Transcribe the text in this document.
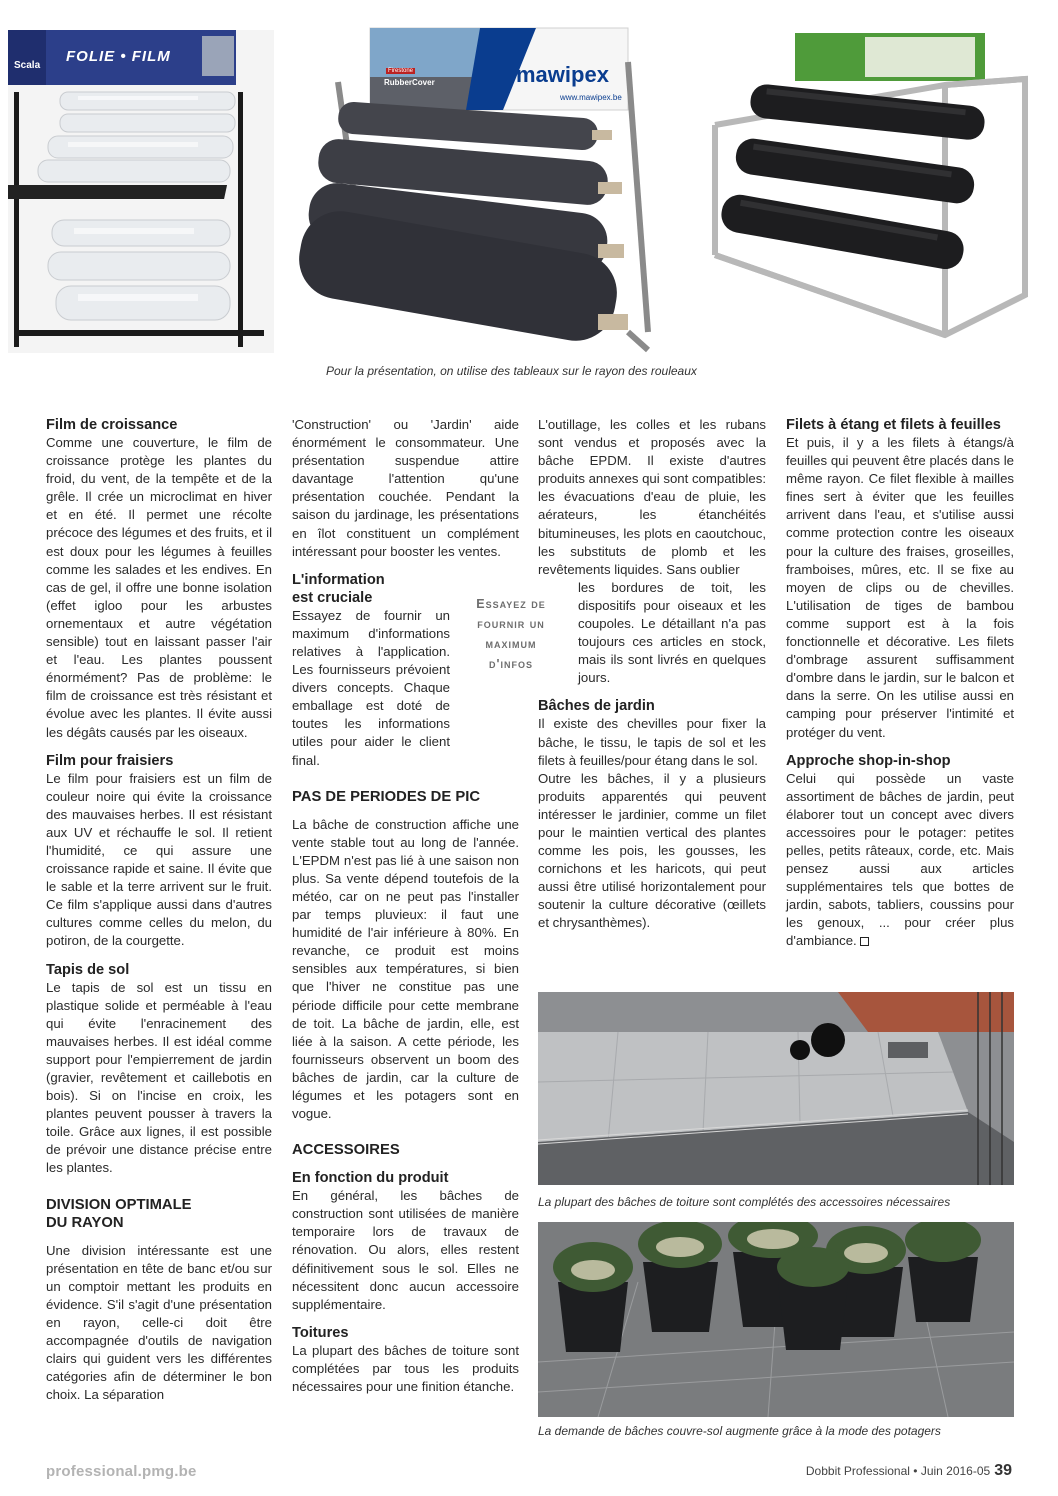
Scala
FOLIE • FILM
mawipex
www.mawipex.be
Firestone
RubberCover
Pour la présentation, on utilise des tableaux sur le rayon des rouleaux
Film de croissance

Comme une couverture, le film de croissance protège les plantes du froid, du vent, de la tempête et de la grêle. Il crée un microclimat en hiver et en été. Il permet une récolte précoce des légumes et des fruits, et il est doux pour les légumes à feuilles comme les salades et les endives. En cas de gel, il offre une bonne isolation (effet igloo pour les arbustes ornementaux et autre végétation sensible) tout en laissant passer l'air et l'eau. Les plantes poussent énormément? Pas de problème: le film de croissance est très résistant et évolue avec les plantes. Il évite aussi les dégâts causés par les oiseaux.

Film pour fraisiers

Le film pour fraisiers est un film de couleur noire qui évite la croissance des mauvaises herbes. Il est résistant aux UV et réchauffe le sol. Il retient l'humidité, ce qui assure une croissance rapide et saine. Il évite que le sable et la terre arrivent sur le fruit. Ce film s'applique aussi dans d'autres cultures comme celles du melon, du potiron, de la courgette.

Tapis de sol

Le tapis de sol est un tissu en plastique solide et perméable à l'eau qui évite l'enracinement des mauvaises herbes. Il est idéal comme support pour l'empierrement de jardin (gravier, revêtement et caillebotis en bois). Si on l'incise en croix, les plantes peuvent pousser à travers la toile. Grâce aux lignes, il est possible de prévoir une distance précise entre les plantes.

DIVISION OPTIMALE DU RAYON

Une division intéressante est une présentation en tête de banc et/ou sur un comptoir mettant les produits en évidence. S'il s'agit d'une présentation en rayon, celle-ci doit être accompagnée d'outils de navigation clairs qui guident vers les différentes catégories afin de déterminer le bon choix. La séparation

'Construction' ou 'Jardin' aide énormément le consommateur. Une présentation suspendue attire davantage l'attention qu'une présentation couchée. Pendant la saison du jardinage, les présentations en îlot constituent un complément intéressant pour booster les ventes.

L'information est cruciale

Essayez de fournir un maximum d'informations relatives à l'application. Les fournisseurs prévoient divers concepts. Chaque emballage est doté de toutes les informations utiles pour aider le client final.

PAS DE PERIODES DE PIC

La bâche de construction affiche une vente stable tout au long de l'année. L'EPDM n'est pas lié à une saison non plus. Sa vente dépend toutefois de la météo, car on ne peut pas l'installer par temps pluvieux: il faut une humidité de l'air inférieure à 80%. En revanche, ce produit est moins sensibles aux températures, si bien que l'hiver ne constitue pas une période difficile pour cette membrane de toit. La bâche de jardin, elle, est liée à la saison. A cette période, les fournisseurs observent un boom des bâches de jardin, car la culture de légumes et les potagers sont en vogue.

ACCESSOIRES
En fonction du produit

En général, les bâches de construction sont utilisées de manière temporaire lors de travaux de rénovation. Ou alors, elles restent définitivement sous le sol. Elles ne nécessitent donc aucun accessoire supplémentaire.

Toitures

La plupart des bâches de toiture sont complétées par tous les produits nécessaires pour une finition étanche.

Essayez de fournir un maximum d'infos

L'outillage, les colles et les rubans sont vendus et proposés avec la bâche EPDM. Il existe d'autres produits annexes qui sont compatibles: les évacuations d'eau de pluie, les aérateurs, les étanchéités bitumineuses, les plots en caoutchouc, les substituts de plomb et les revêtements liquides. Sans oublier

les bordures de toit, les dispositifs pour oiseaux et les coupoles. Le détaillant n'a pas toujours ces articles en stock, mais ils sont livrés en quelques jours.

Bâches de jardin

Il existe des chevilles pour fixer la bâche, le tissu, le tapis de sol et les filets à feuilles/pour étang dans le sol.

Outre les bâches, il y a plusieurs produits apparentés qui peuvent intéresser le jardinier, comme un filet pour le maintien vertical des plantes comme les pois, les gousses, les cornichons et les haricots, qui peut aussi être utilisé horizontalement pour soutenir la culture décorative (œillets et chrysanthèmes).

Filets à étang et filets à feuilles

Et puis, il y a les filets à étangs/à feuilles qui peuvent être placés dans le même rayon. Ce filet flexible à mailles fines sert à éviter que les feuilles arrivent dans l'eau, et s'utilise aussi comme protection contre les oiseaux pour la culture des fraises, groseilles, framboises, mûres, etc. Il se fixe au moyen de clips ou de chevilles. L'utilisation de tiges de bambou comme support est à la fois fonctionnelle et décorative. Les filets d'ombrage assurent suffisamment d'ombre dans le jardin, sur le balcon et dans la serre. On les utilise aussi en camping pour préserver l'intimité et protéger du vent.

Approche shop-in-shop

Celui qui possède un vaste assortiment de bâches de jardin, peut élaborer tout un concept avec divers accessoires pour le potager: petites pelles, petits râteaux, corde, etc. Mais pensez aussi aux articles supplémentaires tels que bottes de jardin, sabots, tabliers, coussins pour les genoux, ... pour créer plus d'ambiance.

La plupart des bâches de toiture sont complétés des accessoires nécessaires
La demande de bâches couvre-sol augmente grâce à la mode des potagers
professional.pmg.be	Dobbit Professional • Juin 2016-05 39
